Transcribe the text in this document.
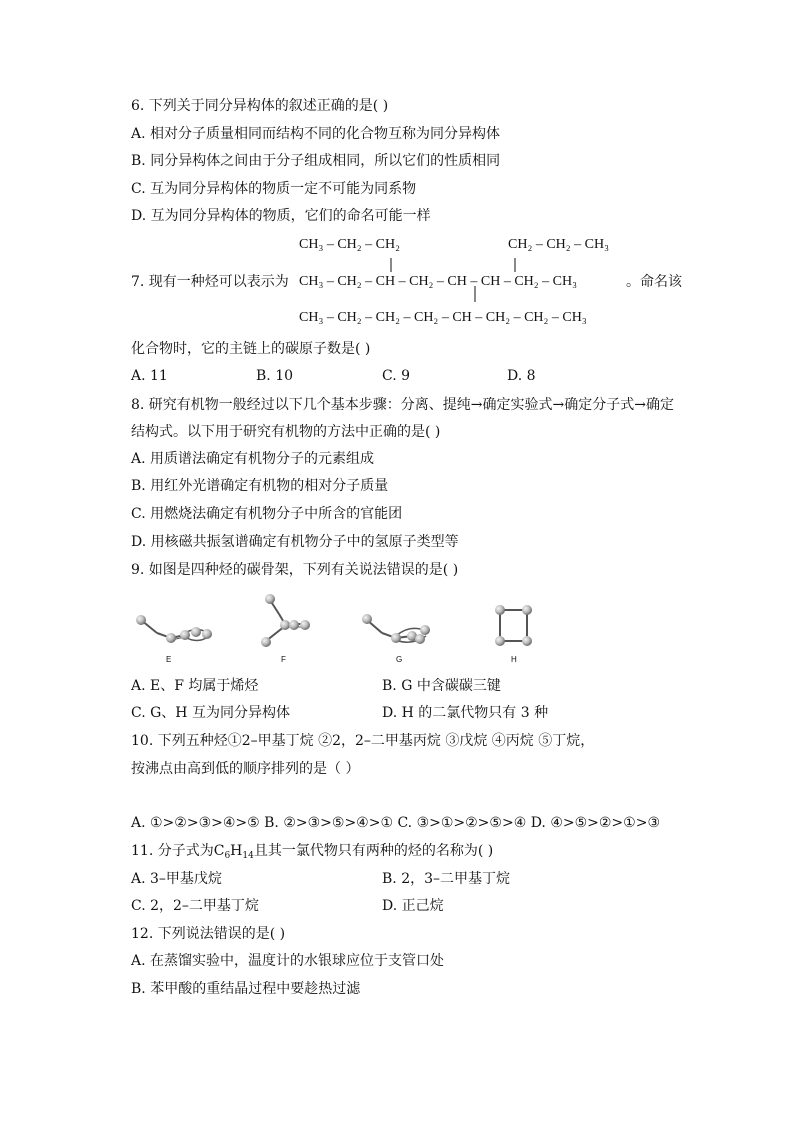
6. 下列关于同分异构体的叙述正确的是( )
A. 相对分子质量相同而结构不同的化合物互称为同分异构体
B. 同分异构体之间由于分子组成相同，所以它们的性质相同
C. 互为同分异构体的物质一定不可能为同系物
D. 互为同分异构体的物质，它们的命名可能一样
CH₃ – CH₂ – CH₂	CH₂ – CH₂ – CH₃
7. 现有一种烃可以表示为 CH₃ – CH₂ – CH – CH₂ – CH – CH – CH₂ – CH₃	。命名该
CH₃ – CH₂ – CH₂ – CH₂ – CH – CH₂ – CH₂ – CH₃
化合物时，它的主链上的碳原子数是( )
A. 11	B. 10	C. 9	D. 8
8. 研究有机物一般经过以下几个基本步骤：分离、提纯→确定实验式→确定分子式→确定
结构式。以下用于研究有机物的方法中正确的是( )
A. 用质谱法确定有机物分子的元素组成
B. 用红外光谱确定有机物的相对分子质量
C. 用燃烧法确定有机物分子中所含的官能团
D. 用核磁共振氢谱确定有机物分子中的氢原子类型等
9. 如图是四种烃的碳骨架，下列有关说法错误的是( )
E	F	G	H
A. E、F 均属于烯烃	B. G 中含碳碳三键
C. G、H 互为同分异构体	D. H 的二氯代物只有 3 种
10. 下列五种烃①2–甲基丁烷 ②2，2–二甲基丙烷 ③戊烷 ④丙烷 ⑤丁烷，
按沸点由高到低的顺序排列的是（ ）
A. ①>②>③>④>⑤ B. ②>③>⑤>④>① C. ③>①>②>⑤>④ D. ④>⑤>②>①>③
11. 分子式为$C_6H_{14}$且其一氯代物只有两种的烃的名称为( )
A. 3–甲基戊烷	B. 2，3–二甲基丁烷
C. 2，2–二甲基丁烷	D. 正己烷
12. 下列说法错误的是( )
A. 在蒸馏实验中，温度计的水银球应位于支管口处
B. 苯甲酸的重结晶过程中要趁热过滤
